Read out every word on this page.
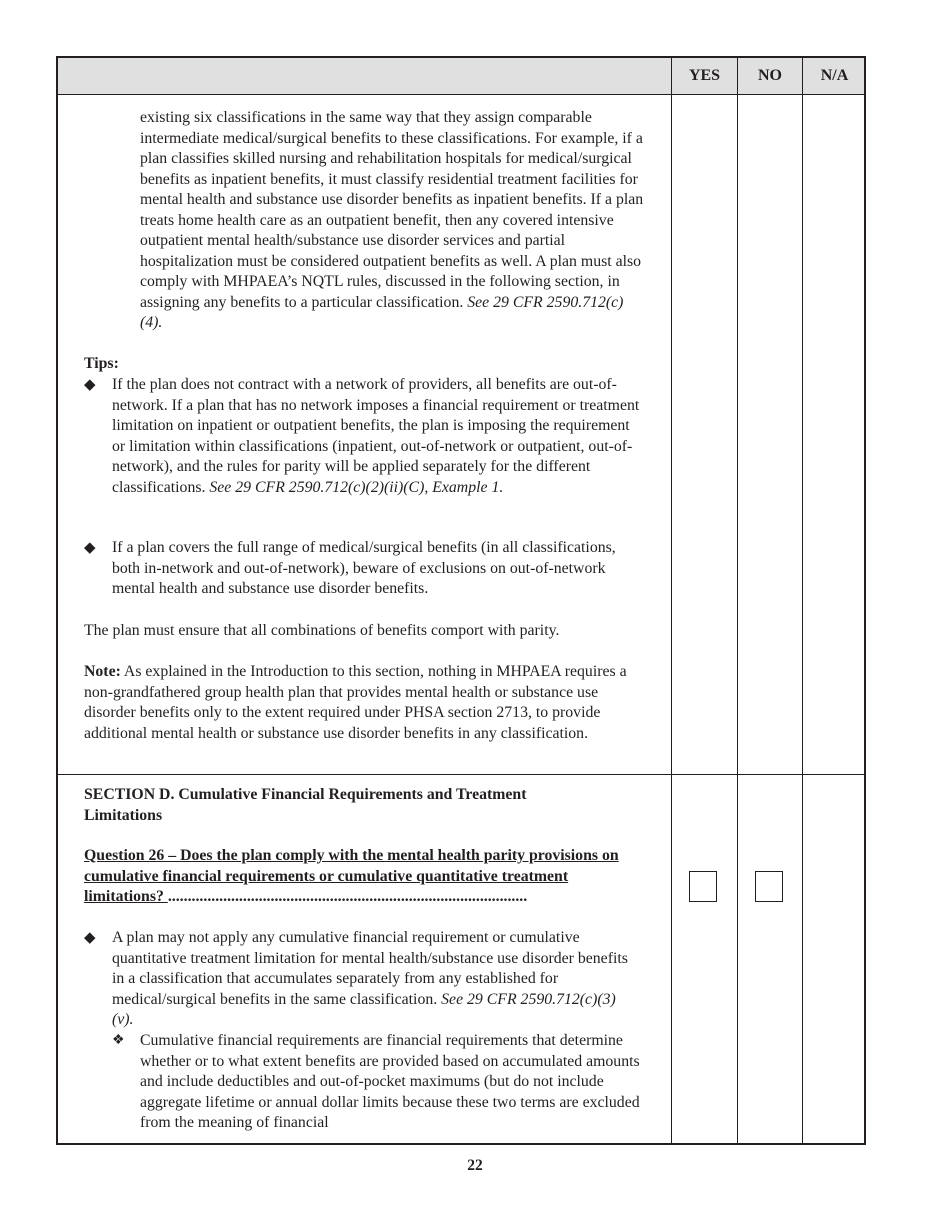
YES	NO	N/A

existing six classifications in the same way that they assign comparable intermediate medical/surgical benefits to these classifications. For example, if a plan classifies skilled nursing and rehabilitation hospitals for medical/surgical benefits as inpatient benefits, it must classify residential treatment facilities for mental health and substance use disorder benefits as inpatient benefits. If a plan treats home health care as an outpatient benefit, then any covered intensive outpatient mental health/substance use disorder services and partial hospitalization must be considered outpatient benefits as well. A plan must also comply with MHPAEA’s NQTL rules, discussed in the following section, in assigning any benefits to a particular classification. See 29 CFR 2590.712(c)(4).

Tips:

◆ If the plan does not contract with a network of providers, all benefits are out-of-network. If a plan that has no network imposes a financial requirement or treatment limitation on inpatient or outpatient benefits, the plan is imposing the requirement or limitation within classifications (inpatient, out-of-network or outpatient, out-of-network), and the rules for parity will be applied separately for the different classifications. See 29 CFR 2590.712(c)(2)(ii)(C), Example 1.

◆ If a plan covers the full range of medical/surgical benefits (in all classifications, both in-network and out-of-network), beware of exclusions on out-of-network mental health and substance use disorder benefits.

The plan must ensure that all combinations of benefits comport with parity.

Note: As explained in the Introduction to this section, nothing in MHPAEA requires a non-grandfathered group health plan that provides mental health or substance use disorder benefits only to the extent required under PHSA section 2713, to provide additional mental health or substance use disorder benefits in any classification.

SECTION D. Cumulative Financial Requirements and Treatment Limitations

Question 26 – Does the plan comply with the mental health parity provisions on cumulative financial requirements or cumulative quantitative treatment limitations? ...........................................................................................

◆ A plan may not apply any cumulative financial requirement or cumulative quantitative treatment limitation for mental health/substance use disorder benefits in a classification that accumulates separately from any established for medical/surgical benefits in the same classification. See 29 CFR 2590.712(c)(3)(v).

❖ Cumulative financial requirements are financial requirements that determine whether or to what extent benefits are provided based on accumulated amounts and include deductibles and out-of-pocket maximums (but do not include aggregate lifetime or annual dollar limits because these two terms are excluded from the meaning of financial

22
